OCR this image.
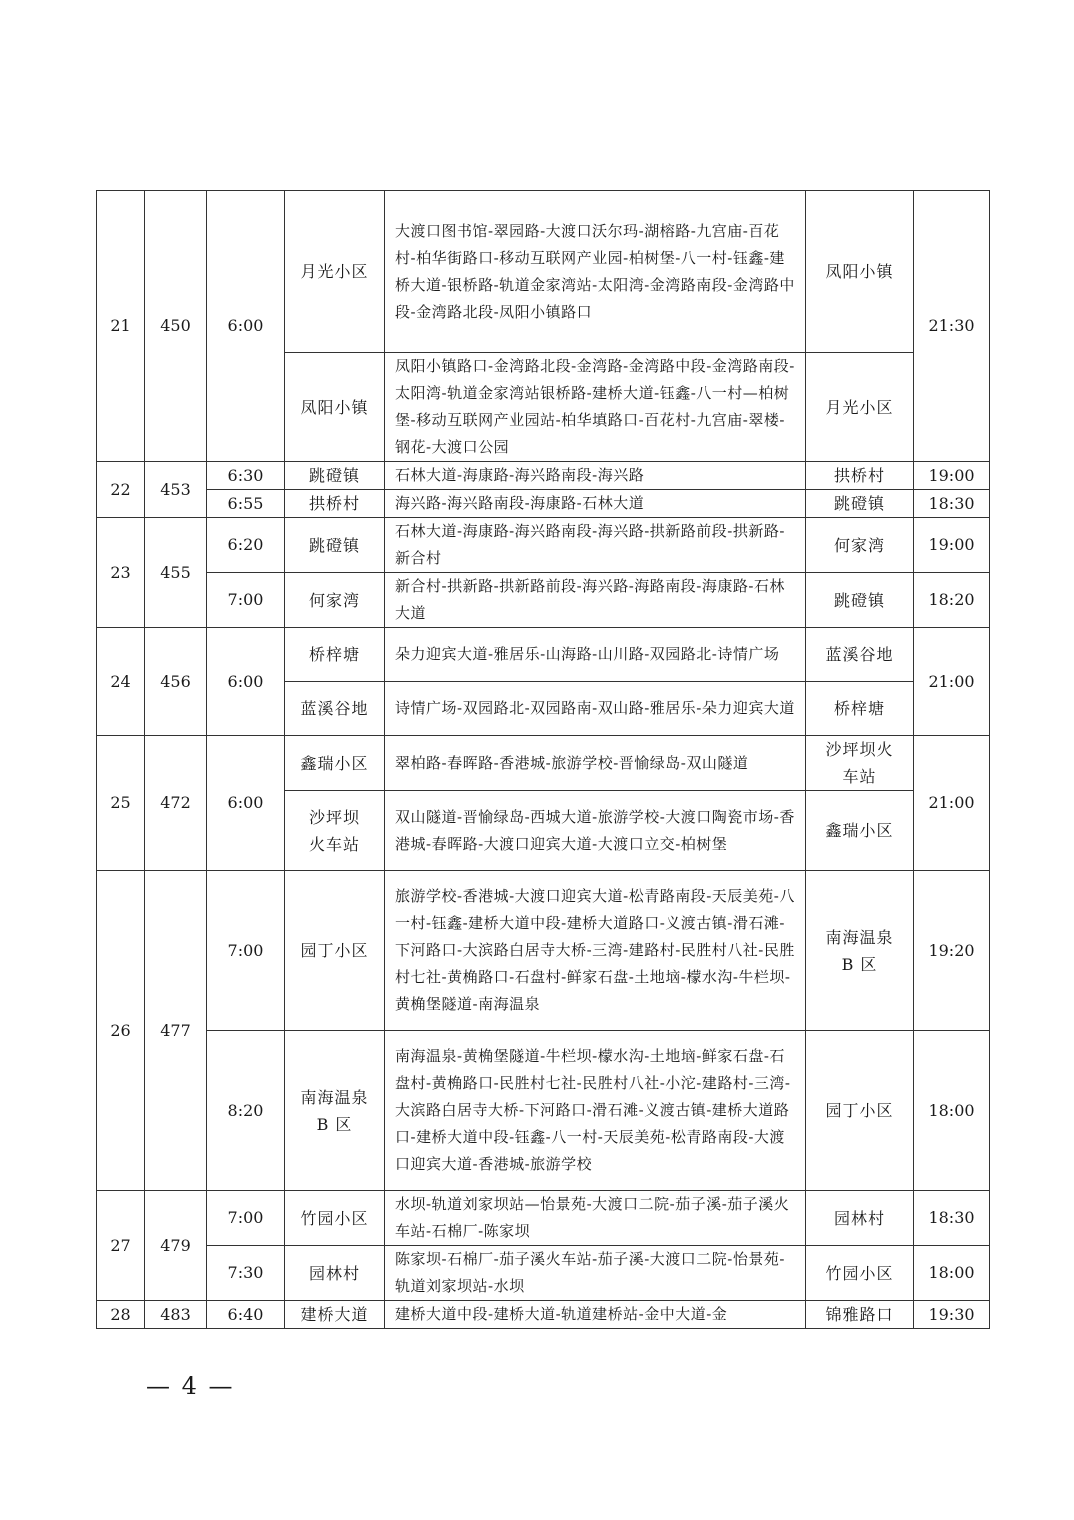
21	450	6:00	月光小区	大渡口图书馆-翠园路-大渡口沃尔玛-湖榕路-九宫庙-百花村-柏华街路口-移动互联网产业园-柏树堡-八一村-钰鑫-建桥大道-银桥路-轨道金家湾站-太阳湾-金湾路南段-金湾路中段-金湾路北段-凤阳小镇路口	凤阳小镇	21:30
			凤阳小镇	凤阳小镇路口-金湾路北段-金湾路-金湾路中段-金湾路南段-太阳湾-轨道金家湾站银桥路-建桥大道-钰鑫-八一村—柏树堡-移动互联网产业园站-柏华填路口-百花村-九宫庙-翠楼-钢花-大渡口公园	月光小区	
22	453	6:30	跳磴镇	石林大道-海康路-海兴路南段-海兴路	拱桥村	19:00
		6:55	拱桥村	海兴路-海兴路南段-海康路-石林大道	跳磴镇	18:30
23	455	6:20	跳磴镇	石林大道-海康路-海兴路南段-海兴路-拱新路前段-拱新路-新合村	何家湾	19:00
		7:00	何家湾	新合村-拱新路-拱新路前段-海兴路-海路南段-海康路-石林大道	跳磴镇	18:20
24	456	6:00	桥梓塘	朵力迎宾大道-雅居乐-山海路-山川路-双园路北-诗情广场	蓝溪谷地	21:00
			蓝溪谷地	诗情广场-双园路北-双园路南-双山路-雅居乐-朵力迎宾大道	桥梓塘	
25	472	6:00	鑫瑞小区	翠柏路-春晖路-香港城-旅游学校-晋愉绿岛-双山隧道	沙坪坝火车站	21:00
			沙坪坝火车站	双山隧道-晋愉绿岛-西城大道-旅游学校-大渡口陶瓷市场-香港城-春晖路-大渡口迎宾大道-大渡口立交-柏树堡	鑫瑞小区	
26	477	7:00	园丁小区	旅游学校-香港城-大渡口迎宾大道-松青路南段-天辰美苑-八一村-钰鑫-建桥大道中段-建桥大道路口-义渡古镇-滑石滩-下河路口-大滨路白居寺大桥-三湾-建路村-民胜村八社-民胜村七社-黄桷路口-石盘村-鲜家石盘-土地垴-檬水沟-牛栏坝-黄桷堡隧道-南海温泉	南海温泉B 区	19:20
		8:20	南海温泉B 区	南海温泉-黄桷堡隧道-牛栏坝-檬水沟-土地垴-鲜家石盘-石盘村-黄桷路口-民胜村七社-民胜村八社-小沱-建路村-三湾-大滨路白居寺大桥-下河路口-滑石滩-义渡古镇-建桥大道路口-建桥大道中段-钰鑫-八一村-天辰美苑-松青路南段-大渡口迎宾大道-香港城-旅游学校	园丁小区	18:00
27	479	7:00	竹园小区	水坝-轨道刘家坝站—怡景苑-大渡口二院-茄子溪-茄子溪火车站-石棉厂-陈家坝	园林村	18:30
		7:30	园林村	陈家坝-石棉厂-茄子溪火车站-茄子溪-大渡口二院-怡景苑-轨道刘家坝站-水坝	竹园小区	18:00
28	483	6:40	建桥大道	建桥大道中段-建桥大道-轨道建桥站-金中大道-金	锦雅路口	19:30
— 4 —
